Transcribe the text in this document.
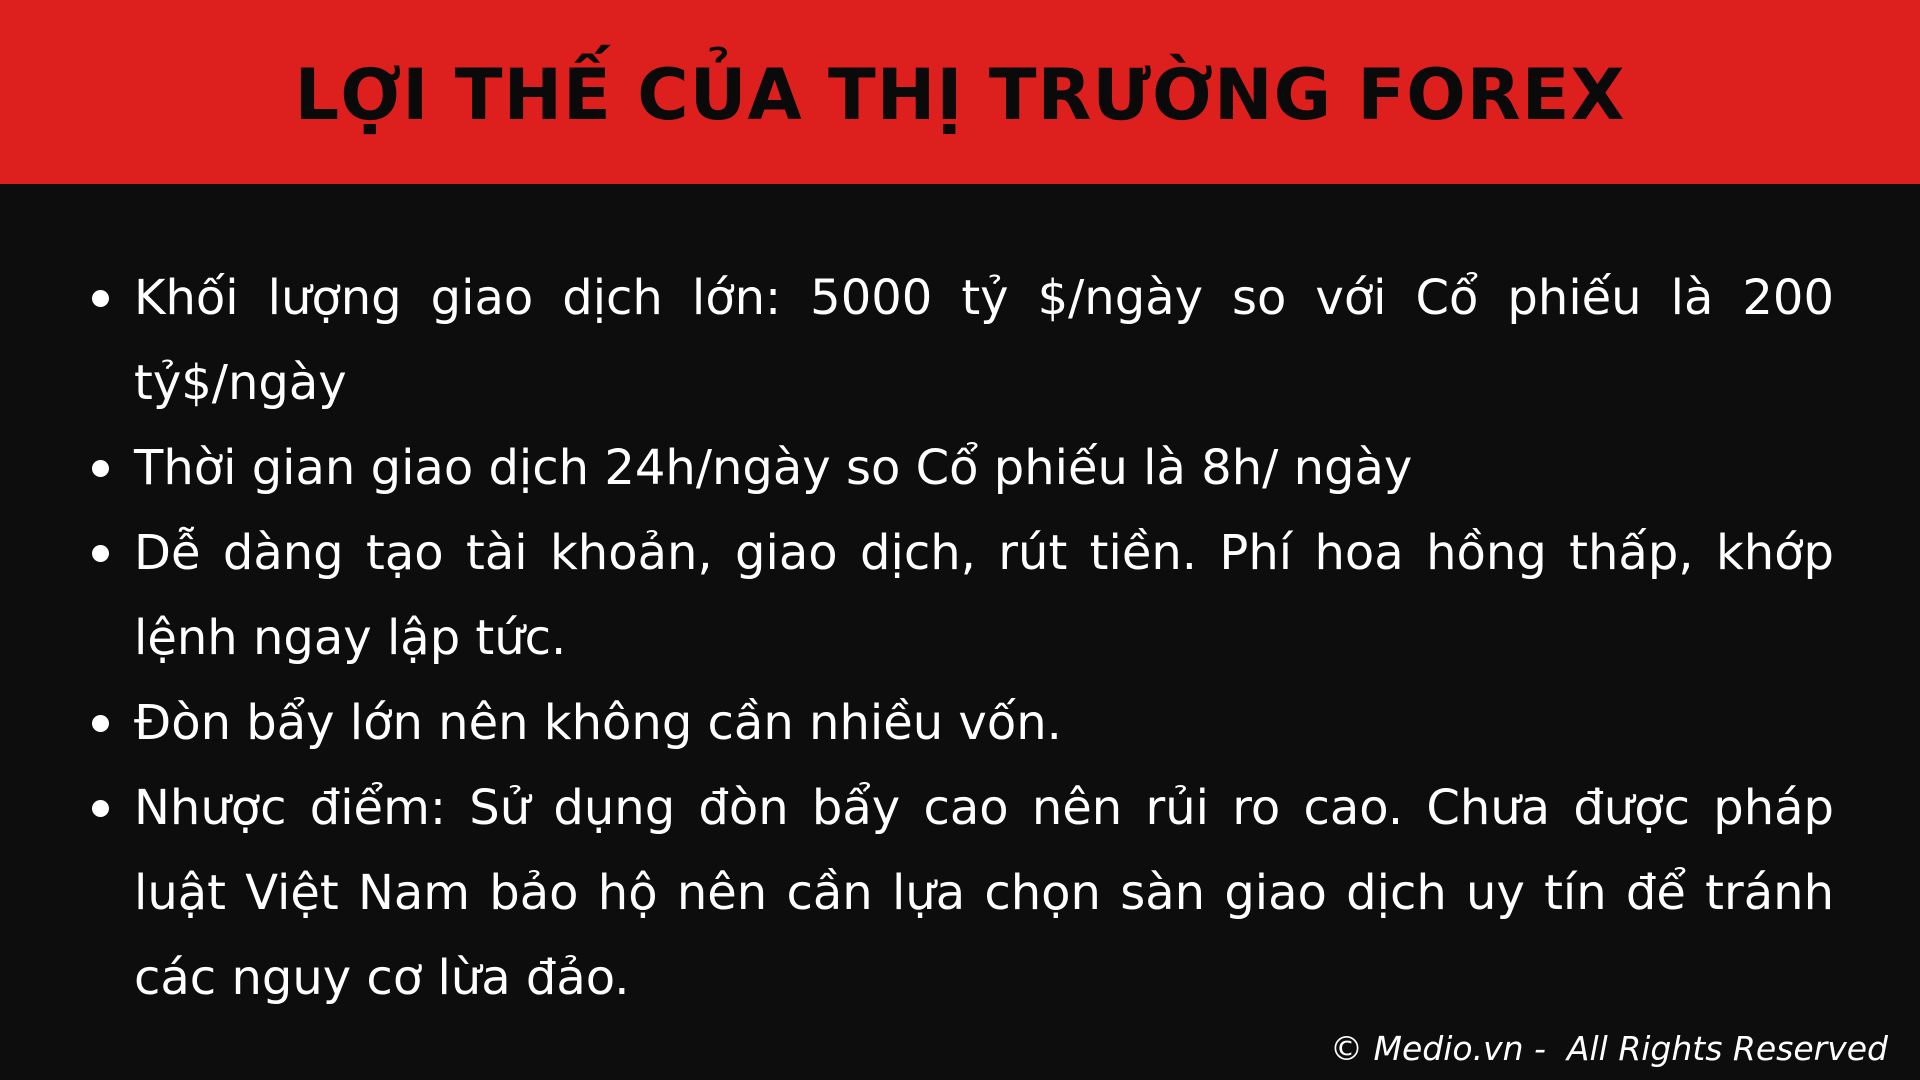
LỢI THẾ CỦA THỊ TRƯỜNG FOREX
Khối lượng giao dịch lớn: 5000 tỷ $/ngày so với Cổ phiếu là 200 tỷ$/ngày
Thời gian giao dịch 24h/ngày so Cổ phiếu là 8h/ ngày
Dễ dàng tạo tài khoản, giao dịch, rút tiền. Phí hoa hồng thấp, khớp lệnh ngay lập tức.
Đòn bẩy lớn nên không cần nhiều vốn.
Nhược điểm: Sử dụng đòn bẩy cao nên rủi ro cao. Chưa được pháp luật Việt Nam bảo hộ nên cần lựa chọn sàn giao dịch uy tín để tránh các nguy cơ lừa đảo.
© Medio.vn -  All Rights Reserved
